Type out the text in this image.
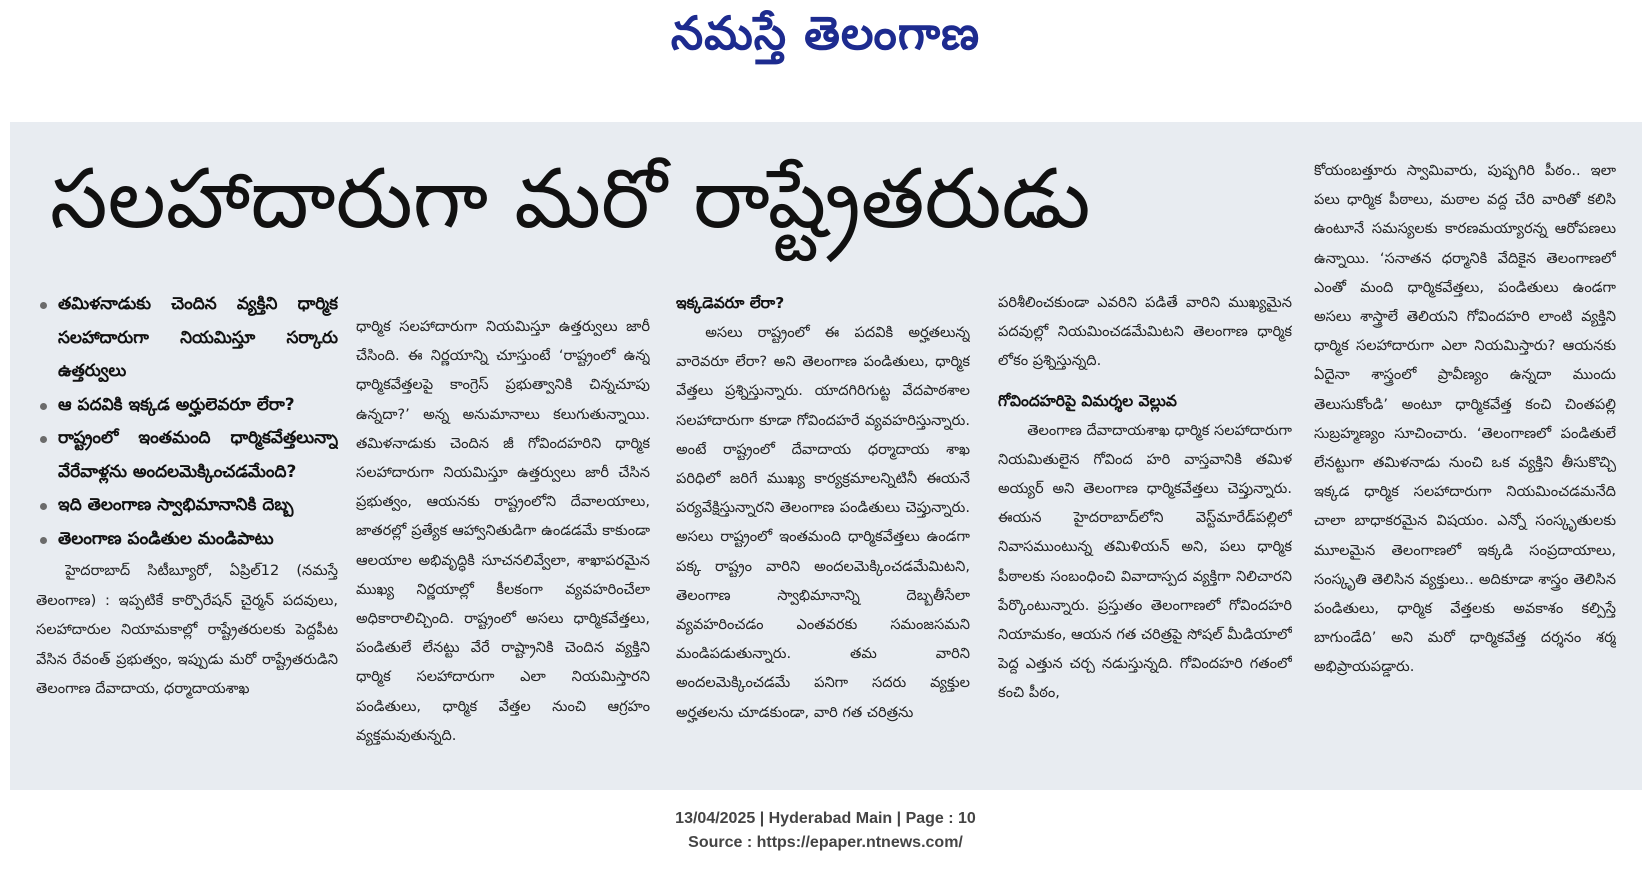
నమస్తే తెలంగాణ
సలహాదారుగా మరో రాష్ట్రేతరుడు
తమిళనాడుకు చెందిన వ్యక్తిని ధార్మిక సలహాదారుగా నియమిస్తూ సర్కారు ఉత్తర్వులు
ఆ పదవికి ఇక్కడ అర్హులెవరూ లేరా?
రాష్ట్రంలో ఇంతమంది ధార్మికవేత్తలున్నా వేరేవాళ్లను అందలమెక్కించడమేంది?
ఇది తెలంగాణ స్వాభిమానానికి దెబ్బ
తెలంగాణ పండితుల మండిపాటు

హైదరాబాద్ సిటీబ్యూరో, ఏప్రిల్12 (నమస్తే తెలంగాణ) : ఇప్పటికే కార్పొరేషన్ చైర్మన్ పదవులు, సలహాదారుల నియామకాల్లో రాష్ట్రేతరులకు పెద్దపీట వేసిన రేవంత్ ప్రభుత్వం, ఇప్పుడు మరో రాష్ట్రేతరుడిని తెలంగాణ దేవాదాయ, ధర్మాదాయశాఖ

ధార్మిక సలహాదారుగా నియమిస్తూ ఉత్తర్వులు జారీ చేసింది. ఈ నిర్ణయాన్ని చూస్తుంటే ‘రాష్ట్రంలో ఉన్న ధార్మికవేత్తలపై కాంగ్రెస్ ప్రభుత్వానికి చిన్నచూపు ఉన్నదా?’ అన్న అనుమానాలు కలుగుతున్నాయి. తమిళనాడుకు చెందిన జీ గోవిందహరిని ధార్మిక సలహాదారుగా నియమిస్తూ ఉత్తర్వులు జారీ చేసిన ప్రభుత్వం, ఆయనకు రాష్ట్రంలోని దేవాలయాలు, జాతరల్లో ప్రత్యేక ఆహ్వానితుడిగా ఉండడమే కాకుండా ఆలయాల అభివృద్ధికి సూచనలివ్వేలా, శాఖాపరమైన ముఖ్య నిర్ణయాల్లో కీలకంగా వ్యవహరించేలా అధికారాలిచ్చింది. రాష్ట్రంలో అసలు ధార్మికవేత్తలు, పండితులే లేనట్టు వేరే రాష్ట్రానికి చెందిన వ్యక్తిని ధార్మిక సలహాదారుగా ఎలా నియమిస్తారని పండితులు, ధార్మిక వేత్తల నుంచి ఆగ్రహం వ్యక్తమవుతున్నది.

ఇక్కడెవరూ లేరా?

అసలు రాష్ట్రంలో ఈ పదవికి అర్హతలున్న వారెవరూ లేరా? అని తెలంగాణ పండితులు, ధార్మిక వేత్తలు ప్రశ్నిస్తున్నారు. యాదగిరిగుట్ట వేదపాఠశాల సలహాదారుగా కూడా గోవిందహరే వ్యవహరిస్తున్నారు. అంటే రాష్ట్రంలో దేవాదాయ ధర్మాదాయ శాఖ పరిధిలో జరిగే ముఖ్య కార్యక్రమాలన్నిటినీ ఈయనే పర్యవేక్షిస్తున్నారని తెలంగాణ పండితులు చెప్తున్నారు. అసలు రాష్ట్రంలో ఇంతమంది ధార్మికవేత్తలు ఉండగా పక్క రాష్ట్రం వారిని అందలమెక్కించడమేమిటని, తెలంగాణ స్వాభిమానాన్ని దెబ్బతీసేలా వ్యవహరించడం ఎంతవరకు సమంజసమని మండిపడుతున్నారు. తమ వారిని అందలమెక్కించడమే పనిగా సదరు వ్యక్తుల అర్హతలను చూడకుండా, వారి గత చరిత్రను

పరిశీలించకుండా ఎవరిని పడితే వారిని ముఖ్యమైన పదవుల్లో నియమించడమేమిటని తెలంగాణ ధార్మిక లోకం ప్రశ్నిస్తున్నది.

గోవిందహరిపై విమర్శల వెల్లువ

తెలంగాణ దేవాదాయశాఖ ధార్మిక సలహాదారుగా నియమితులైన గోవింద హరి వాస్తవానికి తమిళ అయ్యర్ అని తెలంగాణ ధార్మికవేత్తలు చెప్తున్నారు. ఈయన హైదరాబాద్‌లోని వెస్ట్‌మారేడ్‌పల్లిలో నివాసముంటున్న తమిళియన్ అని, పలు ధార్మిక పీఠాలకు సంబంధించి వివాదాస్పద వ్యక్తిగా నిలిచారని పేర్కొంటున్నారు. ప్రస్తుతం తెలంగాణలో గోవిందహరి నియామకం, ఆయన గత చరిత్రపై సోషల్ మీడియాలో పెద్ద ఎత్తున చర్చ నడుస్తున్నది. గోవిందహరి గతంలో కంచి పీఠం,

కోయంబత్తూరు స్వామివారు, పుష్పగిరి పీఠం.. ఇలా పలు ధార్మిక పీఠాలు, మఠాల వద్ద చేరి వారితో కలిసి ఉంటూనే సమస్యలకు కారణమయ్యారన్న ఆరోపణలు ఉన్నాయి. ‘సనాతన ధర్మానికి వేదికైన తెలంగాణలో ఎంతో మంది ధార్మికవేత్తలు, పండితులు ఉండగా అసలు శాస్త్రాలే తెలియని గోవిందహరి లాంటి వ్యక్తిని ధార్మిక సలహాదారుగా ఎలా నియమిస్తారు? ఆయనకు ఏదైనా శాస్త్రంలో ప్రావీణ్యం ఉన్నదా ముందు తెలుసుకోండి’ అంటూ ధార్మికవేత్త కంచి చింతపల్లి సుబ్రహ్మణ్యం సూచించారు. ‘తెలంగాణలో పండితులే లేనట్టుగా తమిళనాడు నుంచి ఒక వ్యక్తిని తీసుకొచ్చి ఇక్కడ ధార్మిక సలహాదారుగా నియమించడమనేది చాలా బాధాకరమైన విషయం. ఎన్నో సంస్కృతులకు మూలమైన తెలంగాణలో ఇక్కడి సంప్రదాయాలు, సంస్కృతి తెలిసిన వ్యక్తులు.. అదికూడా శాస్త్రం తెలిసిన పండితులు, ధార్మిక వేత్తలకు అవకాశం కల్పిస్తే బాగుండేది’ అని మరో ధార్మికవేత్త దర్శనం శర్మ అభిప్రాయపడ్డారు.

13/04/2025 | Hyderabad Main | Page : 10
Source : https://epaper.ntnews.com/
